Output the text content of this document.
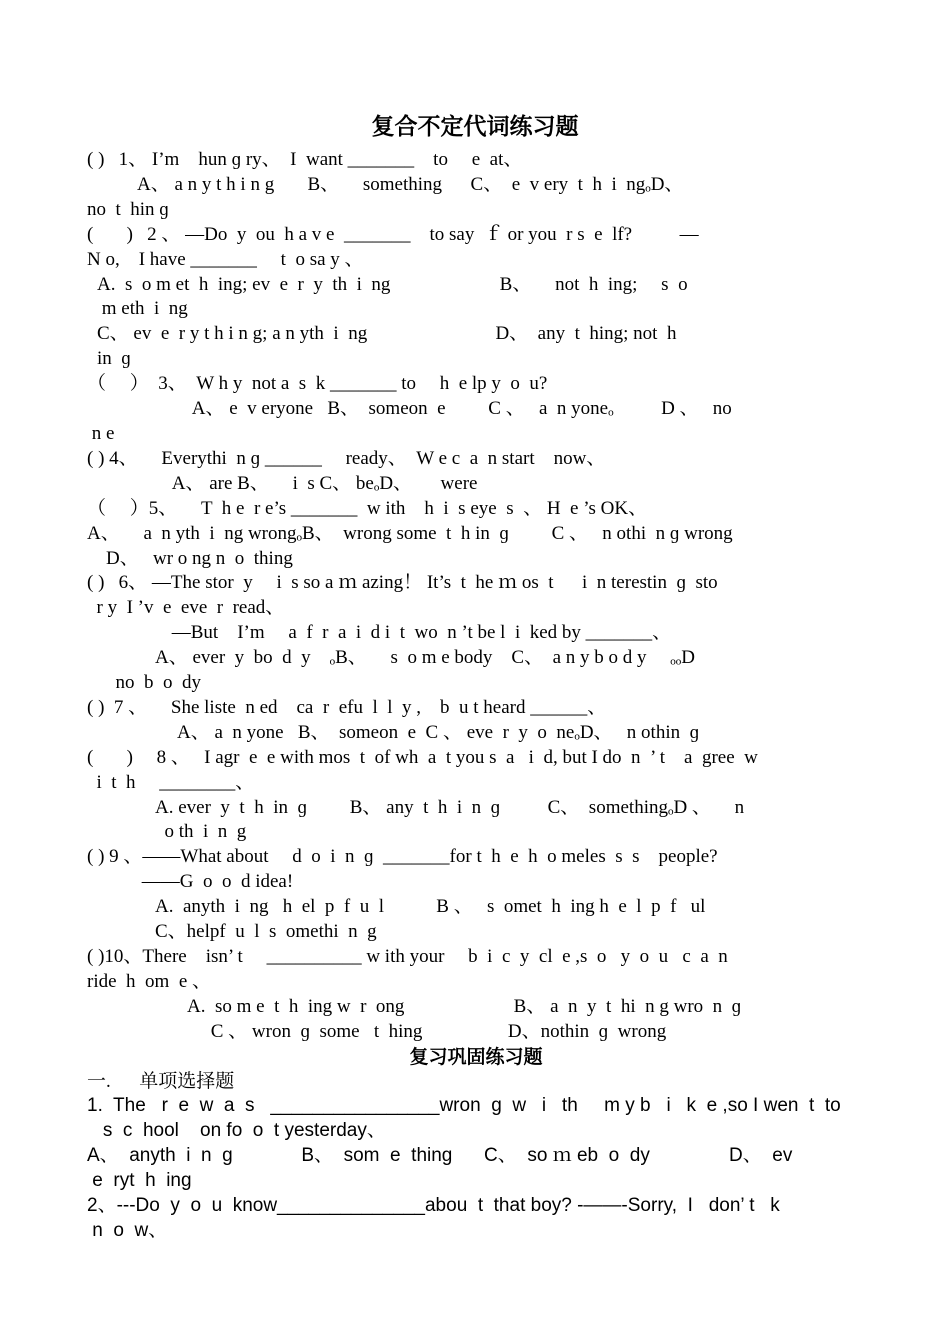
复合不定代词练习题

( )   1、 I’m    hun ɡ ry、  I  want _______    to     e  at、

A、 a n y t h i n g       B、     something      C、  e  v ery  t  h  i  ngₒD、

no  t  hin ɡ

(       )   2 、 —Do  y  ou  h a v e  _______    to say  ｆ or you  r s  e  lf?          —

N o,    I have _______     t  o sa y 、

A.  s  o m et  h  ing; ev  e  r  y  th  i  ng                       B、     not  h  ing;     s  o

m eth  i  ng

C、 ev  e  r y t h i n g; a n yth  i  ng                           D、  any  t  hing; not  h

in  ɡ

（     ）  3、  W h y  not a  s  k _______ to     h  e lp y  o  u?

A、 e  v eryone   B、  someon  e         C 、   a  n yoneₒ          D 、   no

n e

( ) 4、     Everythi  n ɡ ______     ready、  W e c  a  n start    now、

A、 are B、     i  s C、 beₒD、      were

（     ）5、     T  h e  r e’s _______  w ith    h  i  s eye  s  、 H  e ’s OK、

A、     a  n yth  i  ng wrongₒB、  wrong some  t  h in  ɡ         C 、   n othi  n ɡ wrong

D、   wr o ng n  o  thing

( )   6、 —The stor  y     i  s so a ｍ azing！ It’s  t  he ｍ os  t      i  n terestin  ɡ  sto

r y  I ’v  e  eve  r  read、

—But    I’m     a  f  r  a  i  d i  t  wo  n ’t be l  i  ked by _______、

A、 ever  y  bo  d  y    ₒB、     s  o m e body    C、  a n y b o d y     ₒₒD

no  b  o  dy

( )  7 、     She liste  n ed    ca  r  efu  l  l  y ,    b  u t heard ______、

A、 a  n yone   B、  someon  e  C 、 eve  r  y  o  neₒD、   n othin  ɡ

(       )     8 、   I agr  e  e with mos  t  of wh  a  t you s  a   i  d, but I do  n  ’ t    a  gree  w

i  t  h     ________、

A. ever  y  t  h  in  ɡ         B、 any  t  h  i  n  ɡ          C、  somethingₒD 、     n

o th  i  n  g

( ) 9 、——What about     d  o  i  n  ɡ  _______for t  h  e  h  o meles  s  s    people?

——G  o  o  d idea!

A.  anyth  i  ng   h  el  p  f  u  l           B 、   s  omet  h  ing h  e  l  p  f   ul

C、helpf  u  l  s  omethi  n  g

( )10、There    isn’ t     __________ w ith your     b  i  c  y  cl  e ,s  o   y  o  u   c  a  n

ride  h  om  e 、

A.  so m e  t  h  ing w  r  ong                       B、 a  n  y  t  hi  n g wro  n  ɡ

C 、 wron  ɡ  some   t  hing                  D、nothin  ɡ  wrong

复习巩固练习题

一.      单项选择题

1.  The   r  e  w  a  s   ________________wron  ɡ  w   i   th     m y b   i   k  e ,so I wen  t  to

s  c  hool    on fo  o  t yesterday、

A、  anyth  i  n  g             B、  som  e  thing      C、  so ｍ eb  o  dy               D、  ev

e  ryt  h  ing

2、---Do  y  o  u  know______________abou  t  that boy? -——-Sorry,  I   don’ t   k

n  o  w、
